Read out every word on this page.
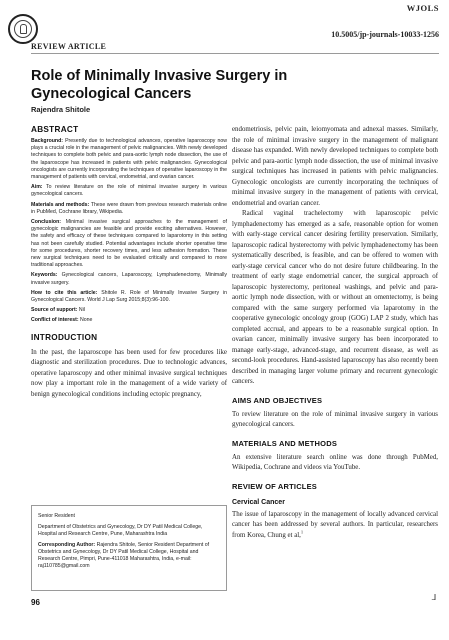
WJOLS
10.5005/jp-journals-10033-1256
REVIEW ARTICLE
Role of Minimally Invasive Surgery in Gynecological Cancers
Rajendra Shitole
ABSTRACT

Background: Presently due to technological advances, operative laparoscopy now plays a crucial role in the management of pelvic malignancies. With newly developed techniques to complete both pelvic and para-aortic lymph node dissection, the use of the laparoscope has increased in patients with pelvic malignancies. Gynecological oncologists are currently incorporating the techniques of operative laparoscopy in the management of patients with cervical, endometrial, and ovarian cancer.

Aim: To review literature on the role of minimal invasive surgery in various gynecological cancers.

Materials and methods: These were drawn from previous research materials online in PubMed, Cochrane library, Wikipedia.

Conclusion: Minimal invasive surgical approaches to the management of gynecologic malignancies are feasible and provide exciting alternatives. However, the safety and efficacy of these techniques compared to laparotomy in this setting has not been carefully studied. Potential advantages include shorter operative time for some procedures, shorter recovery times, and less adhesion formation. These new surgical techniques need to be evaluated critically and compared to more traditional approaches.

Keywords: Gynecological cancers, Laparoscopy, Lymphadenectomy, Minimally invasive surgery.

How to cite this article: Shitole R. Role of Minimally Invasive Surgery in Gynecological Cancers. World J Lap Surg 2015;8(3):96-100.

Source of support: Nil

Conflict of interest: None

INTRODUCTION

In the past, the laparoscope has been used for few procedures like diagnostic and sterilization procedures. Due to technologic advances, operative laparoscopy and other minimal invasive surgical techniques now play a important role in the management of a wide variety of benign gynecological conditions including ectopic pregnancy,

endometriosis, pelvic pain, leiomyomata and adnexal masses. Similarly, the role of minimal invasive surgery in the management of malignant disease has expanded. With newly developed techniques to complete both pelvic and para-aortic lymph node dissection, the use of minimal invasive surgical techniques has increased in patients with pelvic malignancies. Gynecologic oncologists are currently incorporating the techniques of minimal invasive surgery in the management of patients with cervical, endometrial and ovarian cancer.

Radical vaginal trachelectomy with laparoscopic pelvic lymphadenectomy has emerged as a safe, reasonable option for women with early-stage cervical cancer desiring fertility preservation. Similarly, laparoscopic radical hysterectomy with pelvic lymphadenectomy has been systematically described, is feasible, and can be offered to women with early-stage cervical cancer who do not desire future childbearing. In the treatment of early stage endometrial cancer, the surgical approach of laparoscopic hysterectomy, peritoneal washings, and pelvic and para-aortic lymph node dissection, with or without an omentectomy, is being compared with the same surgery performed via laparotomy in the cooperative gynecologic oncology group (GOG) LAP 2 study, which has completed accrual, and appears to be a reasonable surgical option. In ovarian cancer, minimally invasive surgery has been incorporated to manage early-stage, advanced-stage, and recurrent disease, as well as second-look procedures. Hand-assisted laparoscopy has also recently been described in managing larger volume primary and recurrent gynecologic cancers.

AIMS AND OBJECTIVES

To review literature on the role of minimal invasive surgery in various gynecological cancers.

MATERIALS AND METHODS

An extensive literature search online was done through PubMed, Wikipedia, Cochrane and videos via YouTube.

REVIEW OF ARTICLES
Cervical Cancer

The issue of laparoscopy in the management of locally advanced cervical cancer has been addressed by several authors. In particular, researchers from Korea, Chung et al,$^1$

Senior Resident

Department of Obstetrics and Gynecology, Dr DY Patil Medical College, Hospital and Research Centre, Pune, Maharashtra India

Corresponding Author: Rajendra Shitole, Senior Resident Department of Obstetrics and Gynecology, Dr DY Patil Medical College, Hospital and Research Centre, Pimpri, Pune-411018 Maharashtra, India, e-mail: raj110785@gmail.com

96
⅃
